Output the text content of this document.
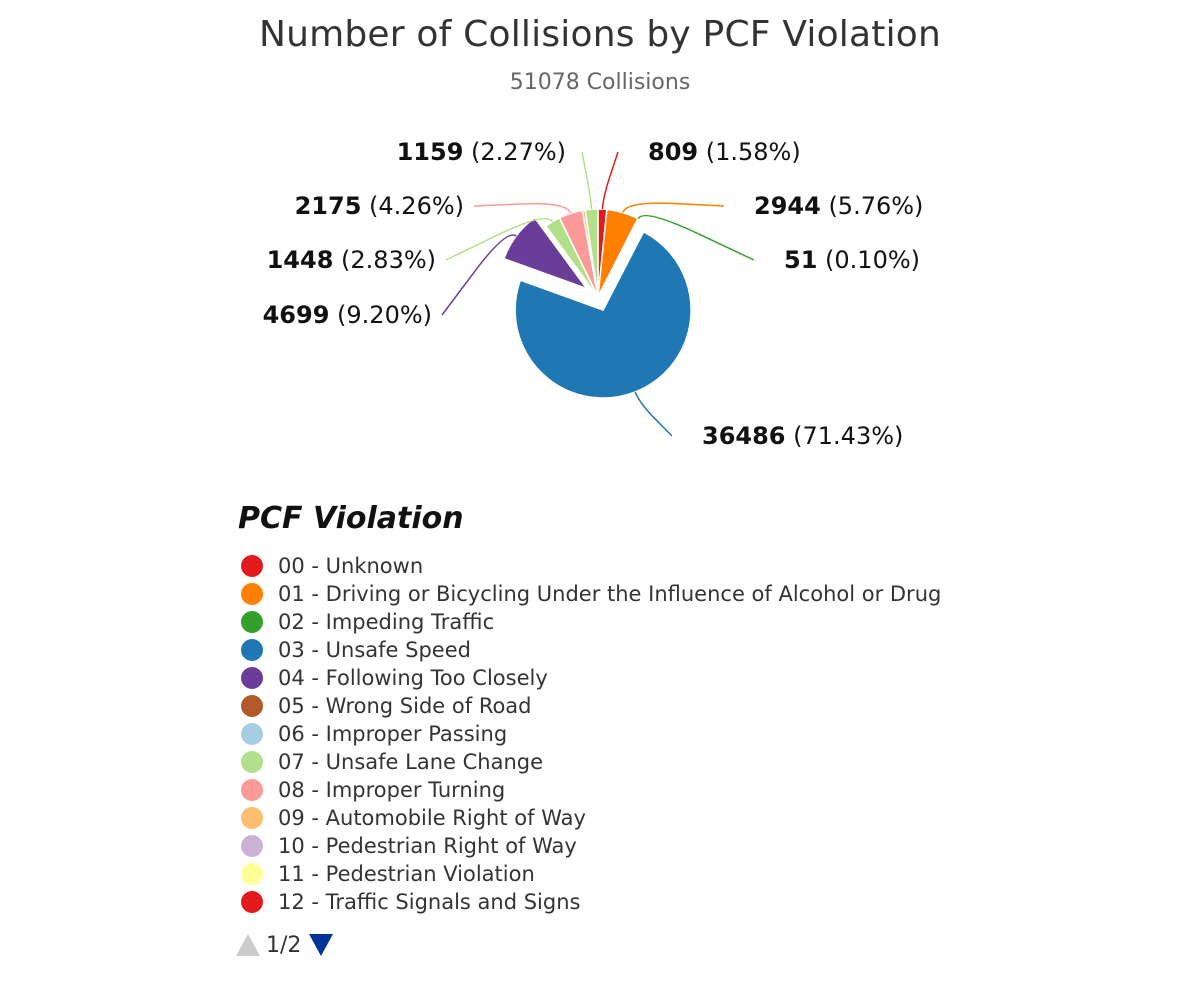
Number of Collisions by PCF Violation
51078 Collisions
809 (1.58%)
2944 (5.76%)
51 (0.10%)
36486 (71.43%)
4699 (9.20%)
1448 (2.83%)
2175 (4.26%)
1159 (2.27%)
PCF Violation
00 - Unknown
01 - Driving or Bicycling Under the Influence of Alcohol or Drug
02 - Impeding Traffic
03 - Unsafe Speed
04 - Following Too Closely
05 - Wrong Side of Road
06 - Improper Passing
07 - Unsafe Lane Change
08 - Improper Turning
09 - Automobile Right of Way
10 - Pedestrian Right of Way
11 - Pedestrian Violation
12 - Traffic Signals and Signs
1/2
